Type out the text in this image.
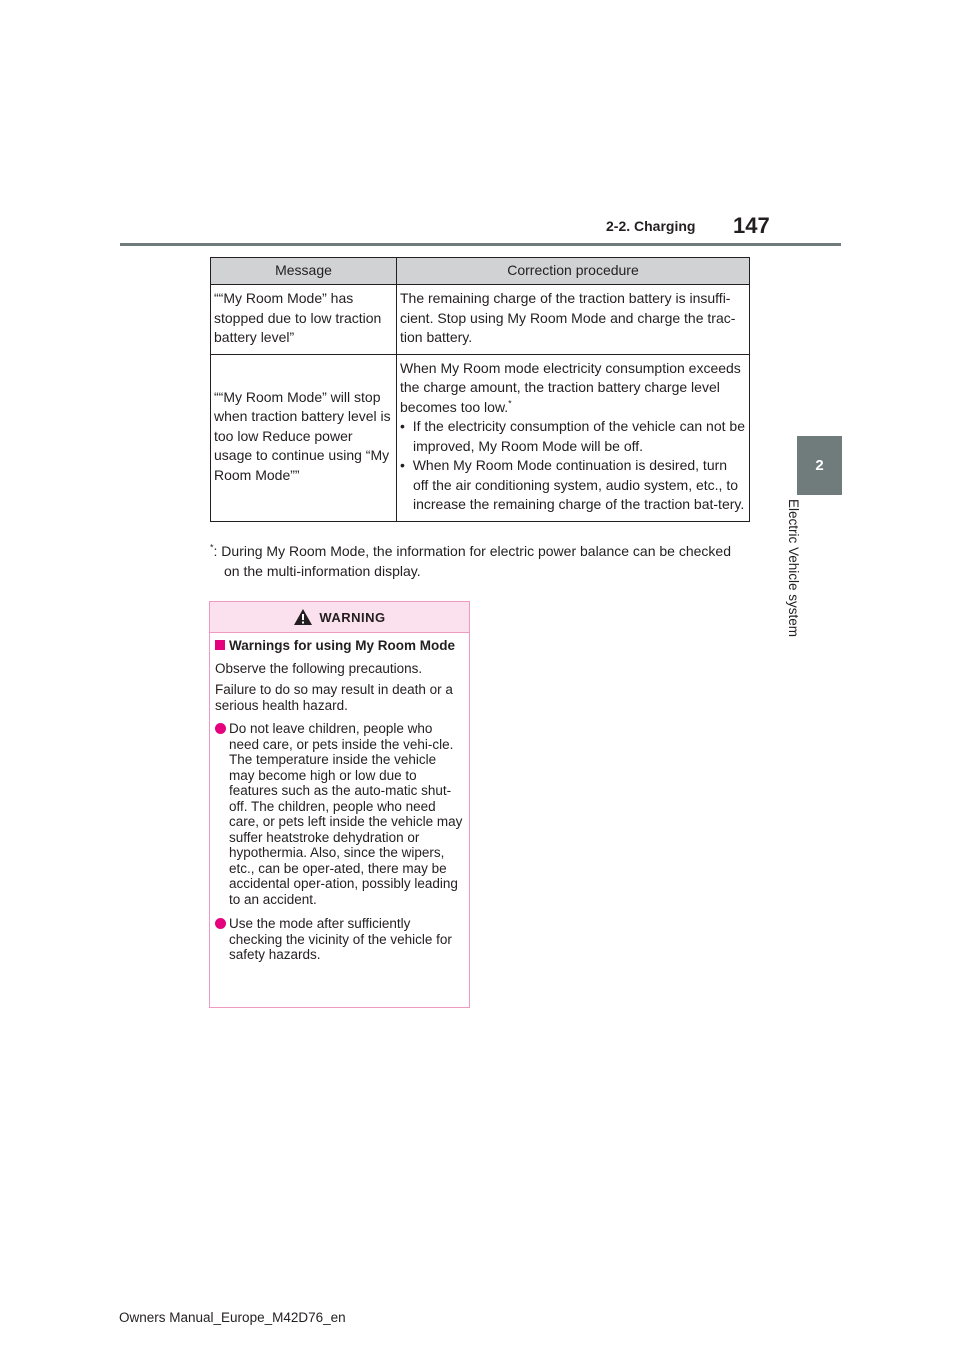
2-2. Charging 147
2
Electric Vehicle system
Message	Correction procedure
““My Room Mode” has stopped due to low traction battery level”	The remaining charge of the traction battery is insuffi-cient. Stop using My Room Mode and charge the trac-tion battery.
““My Room Mode” will stop when traction battery level is too low Reduce power usage to continue using “My Room Mode””	When My Room mode electricity consumption exceeds the charge amount, the traction battery charge level becomes too low.*
•  If the electricity consumption of the vehicle can not be improved, My Room Mode will be off.
•  When My Room Mode continuation is desired, turn off the air conditioning system, audio system, etc., to increase the remaining charge of the traction bat-tery.
*: During My Room Mode, the information for electric power balance can be checked
on the multi-information display.
WARNING
Warnings for using My Room Mode

Observe the following precautions.

Failure to do so may result in death or a serious health hazard.

Do not leave children, people who need care, or pets inside the vehi-cle. The temperature inside the vehicle may become high or low due to features such as the auto-matic shut-off. The children, people who need care, or pets left inside the vehicle may suffer heatstroke dehydration or hypothermia. Also, since the wipers, etc., can be oper-ated, there may be accidental oper-ation, possibly leading to an accident.
Use the mode after sufficiently checking the vicinity of the vehicle for safety hazards.
Owners Manual_Europe_M42D76_en
